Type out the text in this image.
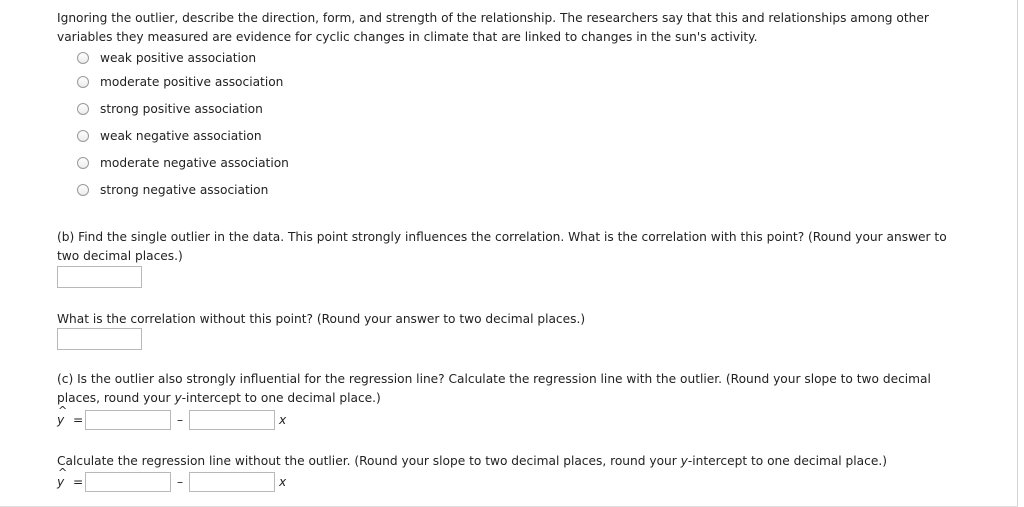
Ignoring the outlier, describe the direction, form, and strength of the relationship. The researchers say that this and relationships among other
variables they measured are evidence for cyclic changes in climate that are linked to changes in the sun's activity.

weak positive association
moderate positive association
strong positive association
weak negative association
moderate negative association
strong negative association

(b) Find the single outlier in the data. This point strongly influences the correlation. What is the correlation with this point? (Round your answer to
two decimal places.)

What is the correlation without this point? (Round your answer to two decimal places.)

(c) Is the outlier also strongly influential for the regression line? Calculate the regression line with the outlier. (Round your slope to two decimal
places, round your y-intercept to one decimal place.)

^
y =	–	x

Calculate the regression line without the outlier. (Round your slope to two decimal places, round your y-intercept to one decimal place.)

^
y =	–	x
